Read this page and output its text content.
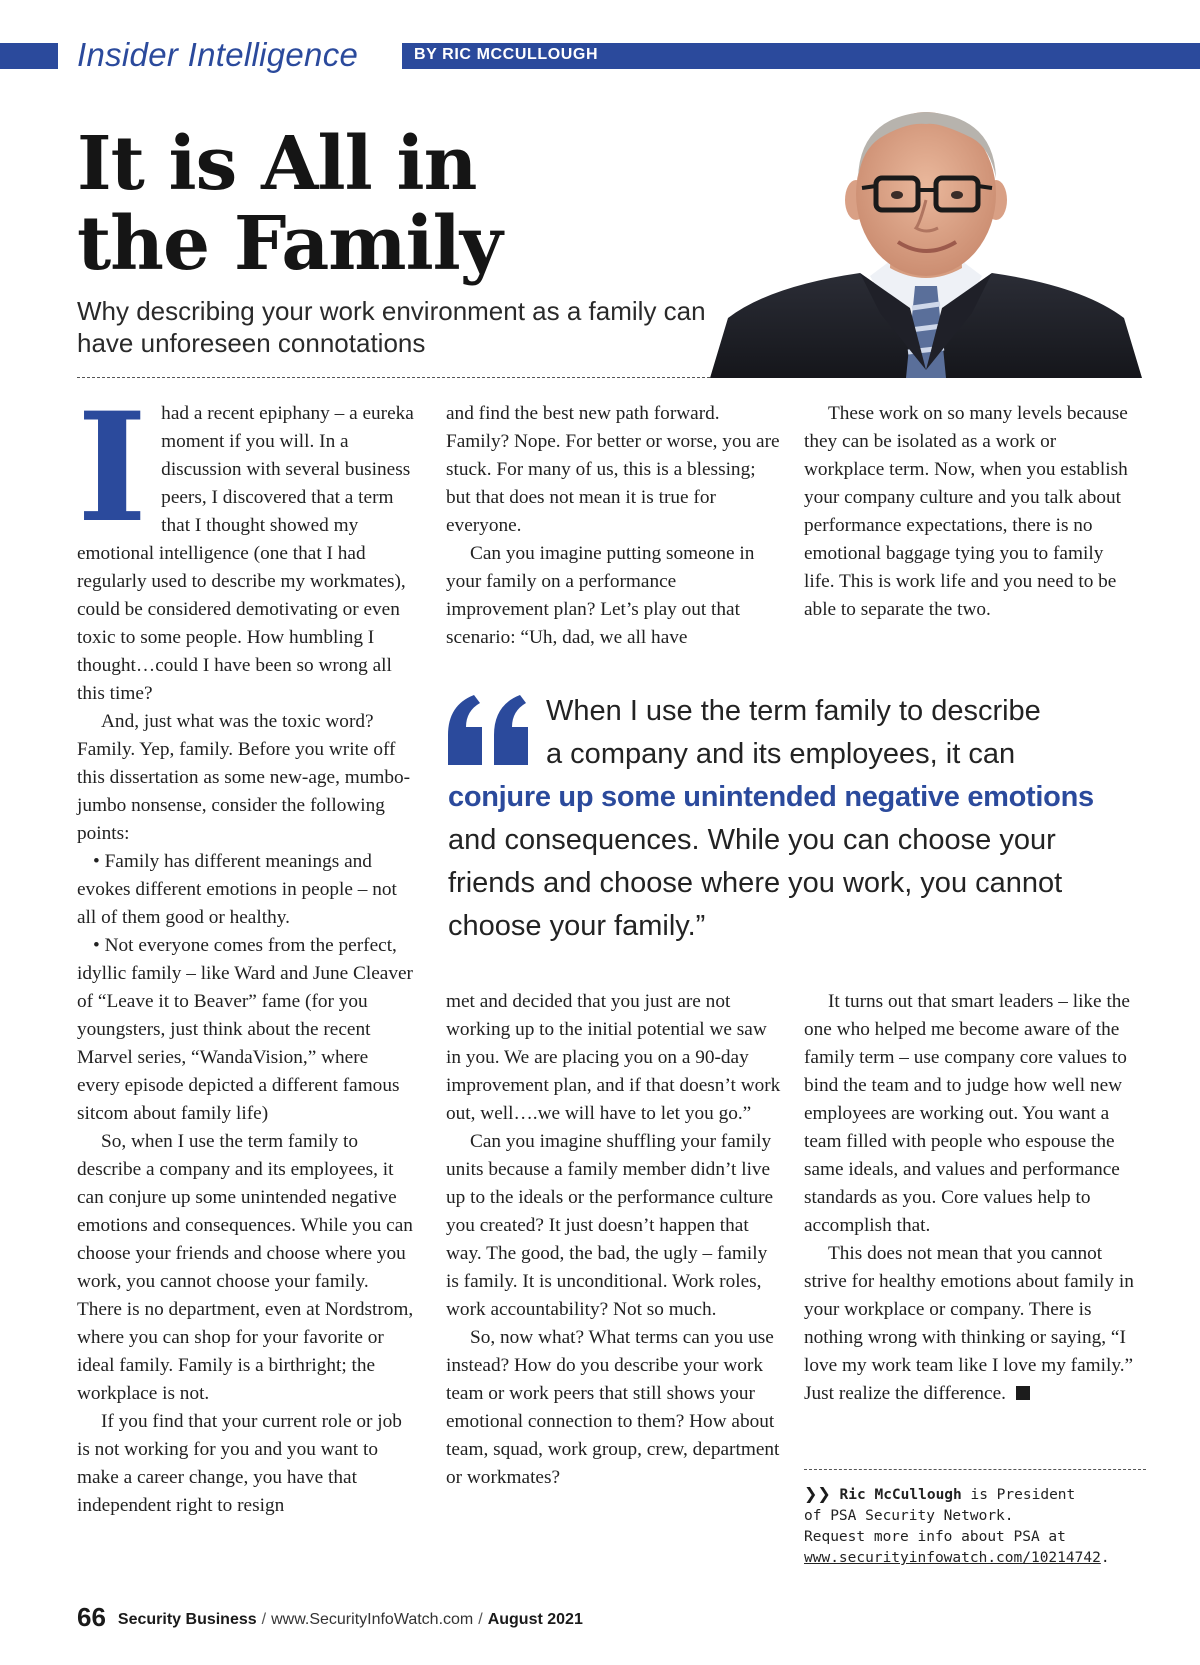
Insider Intelligence	BY RIC MCCULLOUGH
It is All in
the Family
Why describing your work environment as a family can have unforeseen connotations
I had a recent epiphany – a eureka moment if you will. In a discussion with several business peers, I discovered that a term that I thought showed my emotional intelligence (one that I had regularly used to describe my workmates), could be considered demotivating or even toxic to some people. How humbling I thought…could I have been so wrong all this time?

And, just what was the toxic word? Family. Yep, family. Before you write off this dissertation as some new-age, mumbo-jumbo nonsense, consider the following points:

• Family has different meanings and evokes different emotions in people – not all of them good or healthy.

• Not everyone comes from the perfect, idyllic family – like Ward and June Cleaver of “Leave it to Beaver” fame (for you youngsters, just think about the recent Marvel series, “WandaVision,” where every episode depicted a different famous sitcom about family life)

So, when I use the term family to describe a company and its employees, it can conjure up some unintended negative emotions and consequences. While you can choose your friends and choose where you work, you cannot choose your family. There is no department, even at Nordstrom, where you can shop for your favorite or ideal family. Family is a birthright; the workplace is not.

If you find that your current role or job is not working for you and you want to make a career change, you have that independent right to resign

and find the best new path forward. Family? Nope. For better or worse, you are stuck. For many of us, this is a blessing; but that does not mean it is true for everyone.

Can you imagine putting someone in your family on a performance improvement plan? Let’s play out that scenario: “Uh, dad, we all have

These work on so many levels because they can be isolated as a work or workplace term. Now, when you establish your company culture and you talk about performance expectations, there is no emotional baggage tying you to family life. This is work life and you need to be able to separate the two.

When I use the term family to describe
a company and its employees, it can
conjure up some unintended negative emotions
and consequences. While you can choose your
friends and choose where you work, you cannot
choose your family.”

met and decided that you just are not working up to the initial potential we saw in you. We are placing you on a 90-day improvement plan, and if that doesn’t work out, well….we will have to let you go.”

Can you imagine shuffling your family units because a family member didn’t live up to the ideals or the performance culture you created? It just doesn’t happen that way. The good, the bad, the ugly – family is family. It is unconditional. Work roles, work accountability? Not so much.

So, now what? What terms can you use instead? How do you describe your work team or work peers that still shows your emotional connection to them? How about team, squad, work group, crew, department or workmates?

It turns out that smart leaders – like the one who helped me become aware of the family term – use company core values to bind the team and to judge how well new employees are working out. You want a team filled with people who espouse the same ideals, and values and performance standards as you. Core values help to accomplish that.

This does not mean that you cannot strive for healthy emotions about family in your workplace or company. There is nothing wrong with thinking or saying, “I love my work team like I love my family.” Just realize the difference.

❯❯ Ric McCullough is President
of PSA Security Network.
Request more info about PSA at
www.securityinfowatch.com/10214742.
66 Security Business / www.SecurityInfoWatch.com / August 2021
